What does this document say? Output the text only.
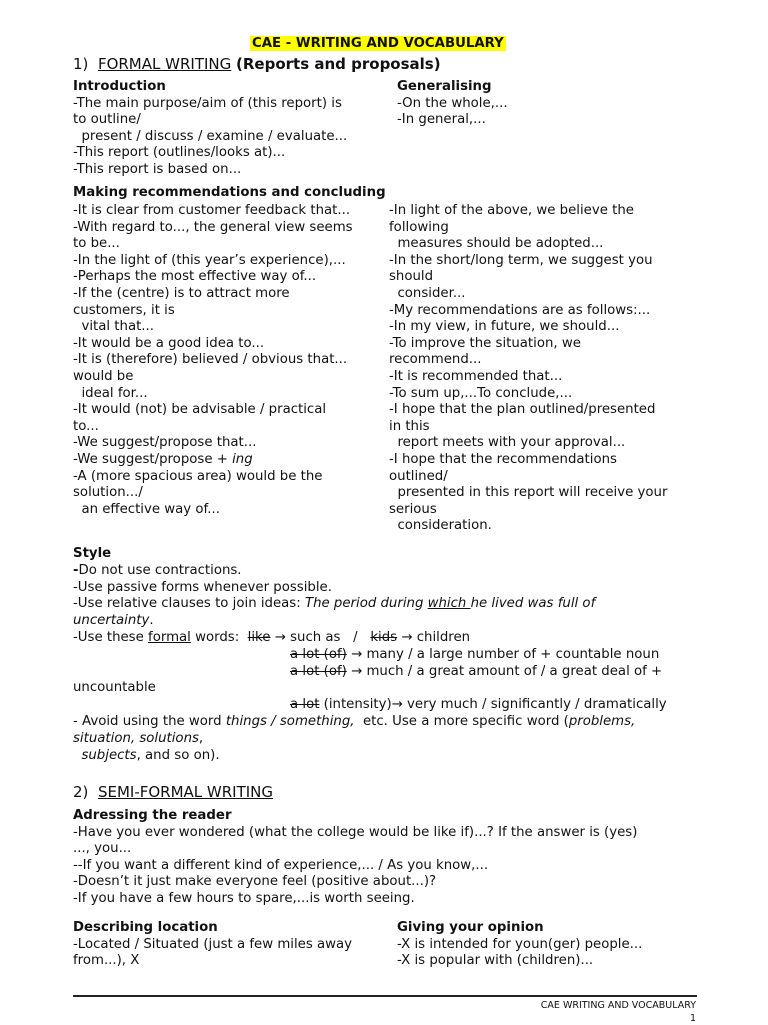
CAE - WRITING AND VOCABULARY
1) FORMAL WRITING (Reports and proposals)
Introduction
-The main purpose/aim of (this report) is
to outline/
present / discuss / examine / evaluate...
-This report (outlines/looks at)...
-This report is based on...
Generalising
-On the whole,...
-In general,...
Making recommendations and concluding
-It is clear from customer feedback that...
-With regard to..., the general view seems
to be...
-In the light of (this year’s experience),...
-Perhaps the most effective way of...
-If the (centre) is to attract more
customers, it is
vital that...
-It would be a good idea to...
-It is (therefore) believed / obvious that...
would be
ideal for...
-It would (not) be advisable / practical
to...
-We suggest/propose that...
-We suggest/propose + ing
-A (more spacious area) would be the
solution.../
an effective way of...
-In light of the above, we believe the
following
measures should be adopted...
-In the short/long term, we suggest you
should
consider...
-My recommendations are as follows:...
-In my view, in future, we should...
-To improve the situation, we
recommend...
-It is recommended that...
-To sum up,...To conclude,...
-I hope that the plan outlined/presented
in this
report meets with your approval...
-I hope that the recommendations
outlined/
presented in this report will receive your
serious
consideration.
Style
-Do not use contractions.
-Use passive forms whenever possible.
-Use relative clauses to join ideas: The period during which he lived was full of
uncertainty.
-Use these formal words:  like → such as   /   kids → children
a lot (of) → many / a large number of + countable noun
a lot (of) → much / a great amount of / a great deal of +
uncountable
a lot (intensity)→ very much / significantly / dramatically
- Avoid using the word things / something,  etc. Use a more specific word (problems,
situation, solutions,
subjects, and so on).
2) SEMI-FORMAL WRITING
Adressing the reader
-Have you ever wondered (what the college would be like if)...? If the answer is (yes)
..., you...
--If you want a different kind of experience,... / As you know,...
-Doesn’t it just make everyone feel (positive about...)?
-If you have a few hours to spare,...is worth seeing.
Describing location
-Located / Situated (just a few miles away
from...), X
Giving your opinion
-X is intended for youn(ger) people...
-X is popular with (children)...
CAE WRITING AND VOCABULARY
1
